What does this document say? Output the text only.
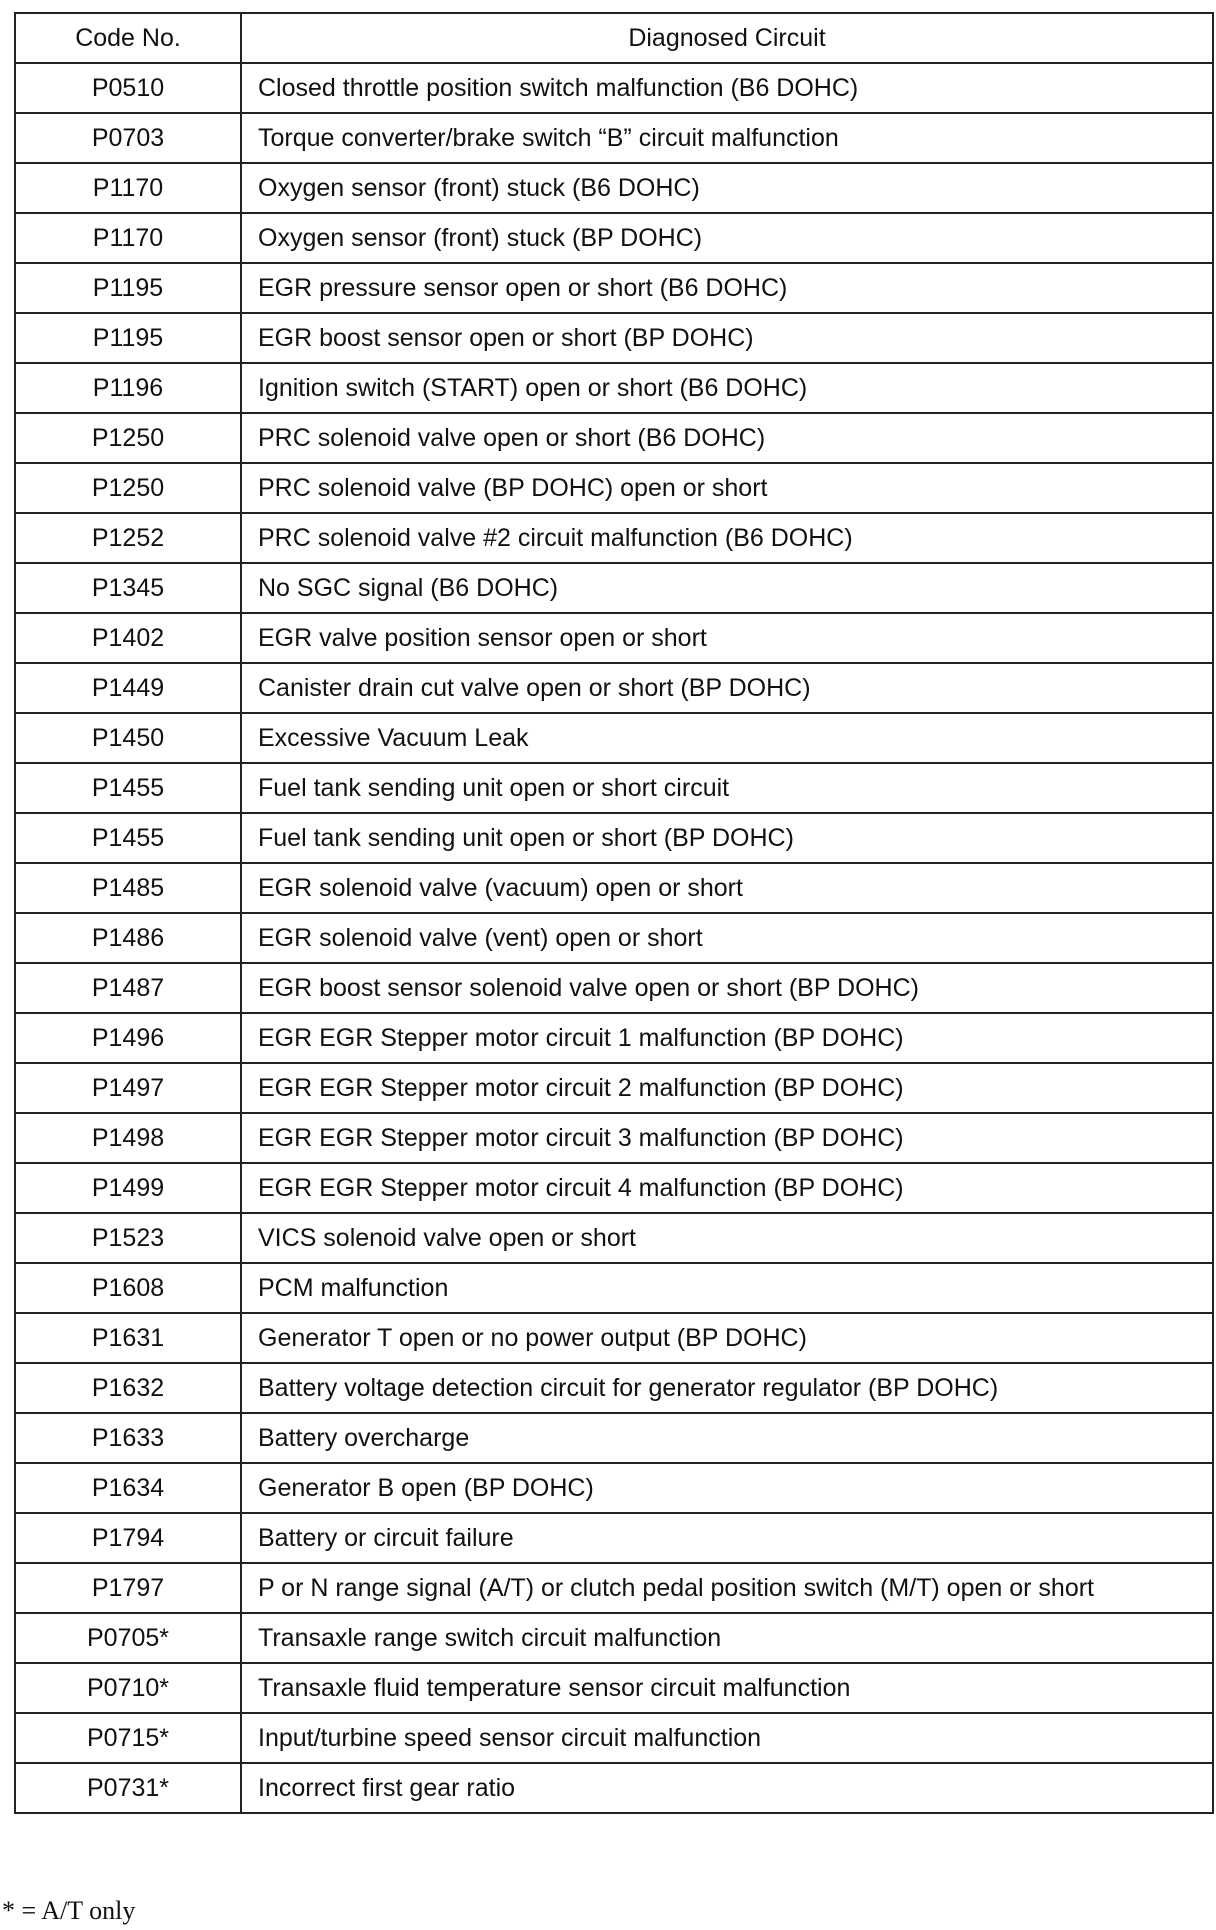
Code No.	Diagnosed Circuit
P0510	Closed throttle position switch malfunction (B6 DOHC)
P0703	Torque converter/brake switch “B” circuit malfunction
P1170	Oxygen sensor (front) stuck (B6 DOHC)
P1170	Oxygen sensor (front) stuck (BP DOHC)
P1195	EGR pressure sensor open or short (B6 DOHC)
P1195	EGR boost sensor open or short (BP DOHC)
P1196	Ignition switch (START) open or short (B6 DOHC)
P1250	PRC solenoid valve open or short (B6 DOHC)
P1250	PRC solenoid valve (BP DOHC) open or short
P1252	PRC solenoid valve #2 circuit malfunction (B6 DOHC)
P1345	No SGC signal (B6 DOHC)
P1402	EGR valve position sensor open or short
P1449	Canister drain cut valve open or short (BP DOHC)
P1450	Excessive Vacuum Leak
P1455	Fuel tank sending unit open or short circuit
P1455	Fuel tank sending unit open or short (BP DOHC)
P1485	EGR solenoid valve (vacuum) open or short
P1486	EGR solenoid valve (vent) open or short
P1487	EGR boost sensor solenoid valve open or short (BP DOHC)
P1496	EGR EGR Stepper motor circuit 1 malfunction (BP DOHC)
P1497	EGR EGR Stepper motor circuit 2 malfunction (BP DOHC)
P1498	EGR EGR Stepper motor circuit 3 malfunction (BP DOHC)
P1499	EGR EGR Stepper motor circuit 4 malfunction (BP DOHC)
P1523	VICS solenoid valve open or short
P1608	PCM malfunction
P1631	Generator T open or no power output (BP DOHC)
P1632	Battery voltage detection circuit for generator regulator (BP DOHC)
P1633	Battery overcharge
P1634	Generator B open (BP DOHC)
P1794	Battery or circuit failure
P1797	P or N range signal (A/T) or clutch pedal position switch (M/T) open or short
P0705*	Transaxle range switch circuit malfunction
P0710*	Transaxle fluid temperature sensor circuit malfunction
P0715*	Input/turbine speed sensor circuit malfunction
P0731*	Incorrect first gear ratio
* = A/T only
